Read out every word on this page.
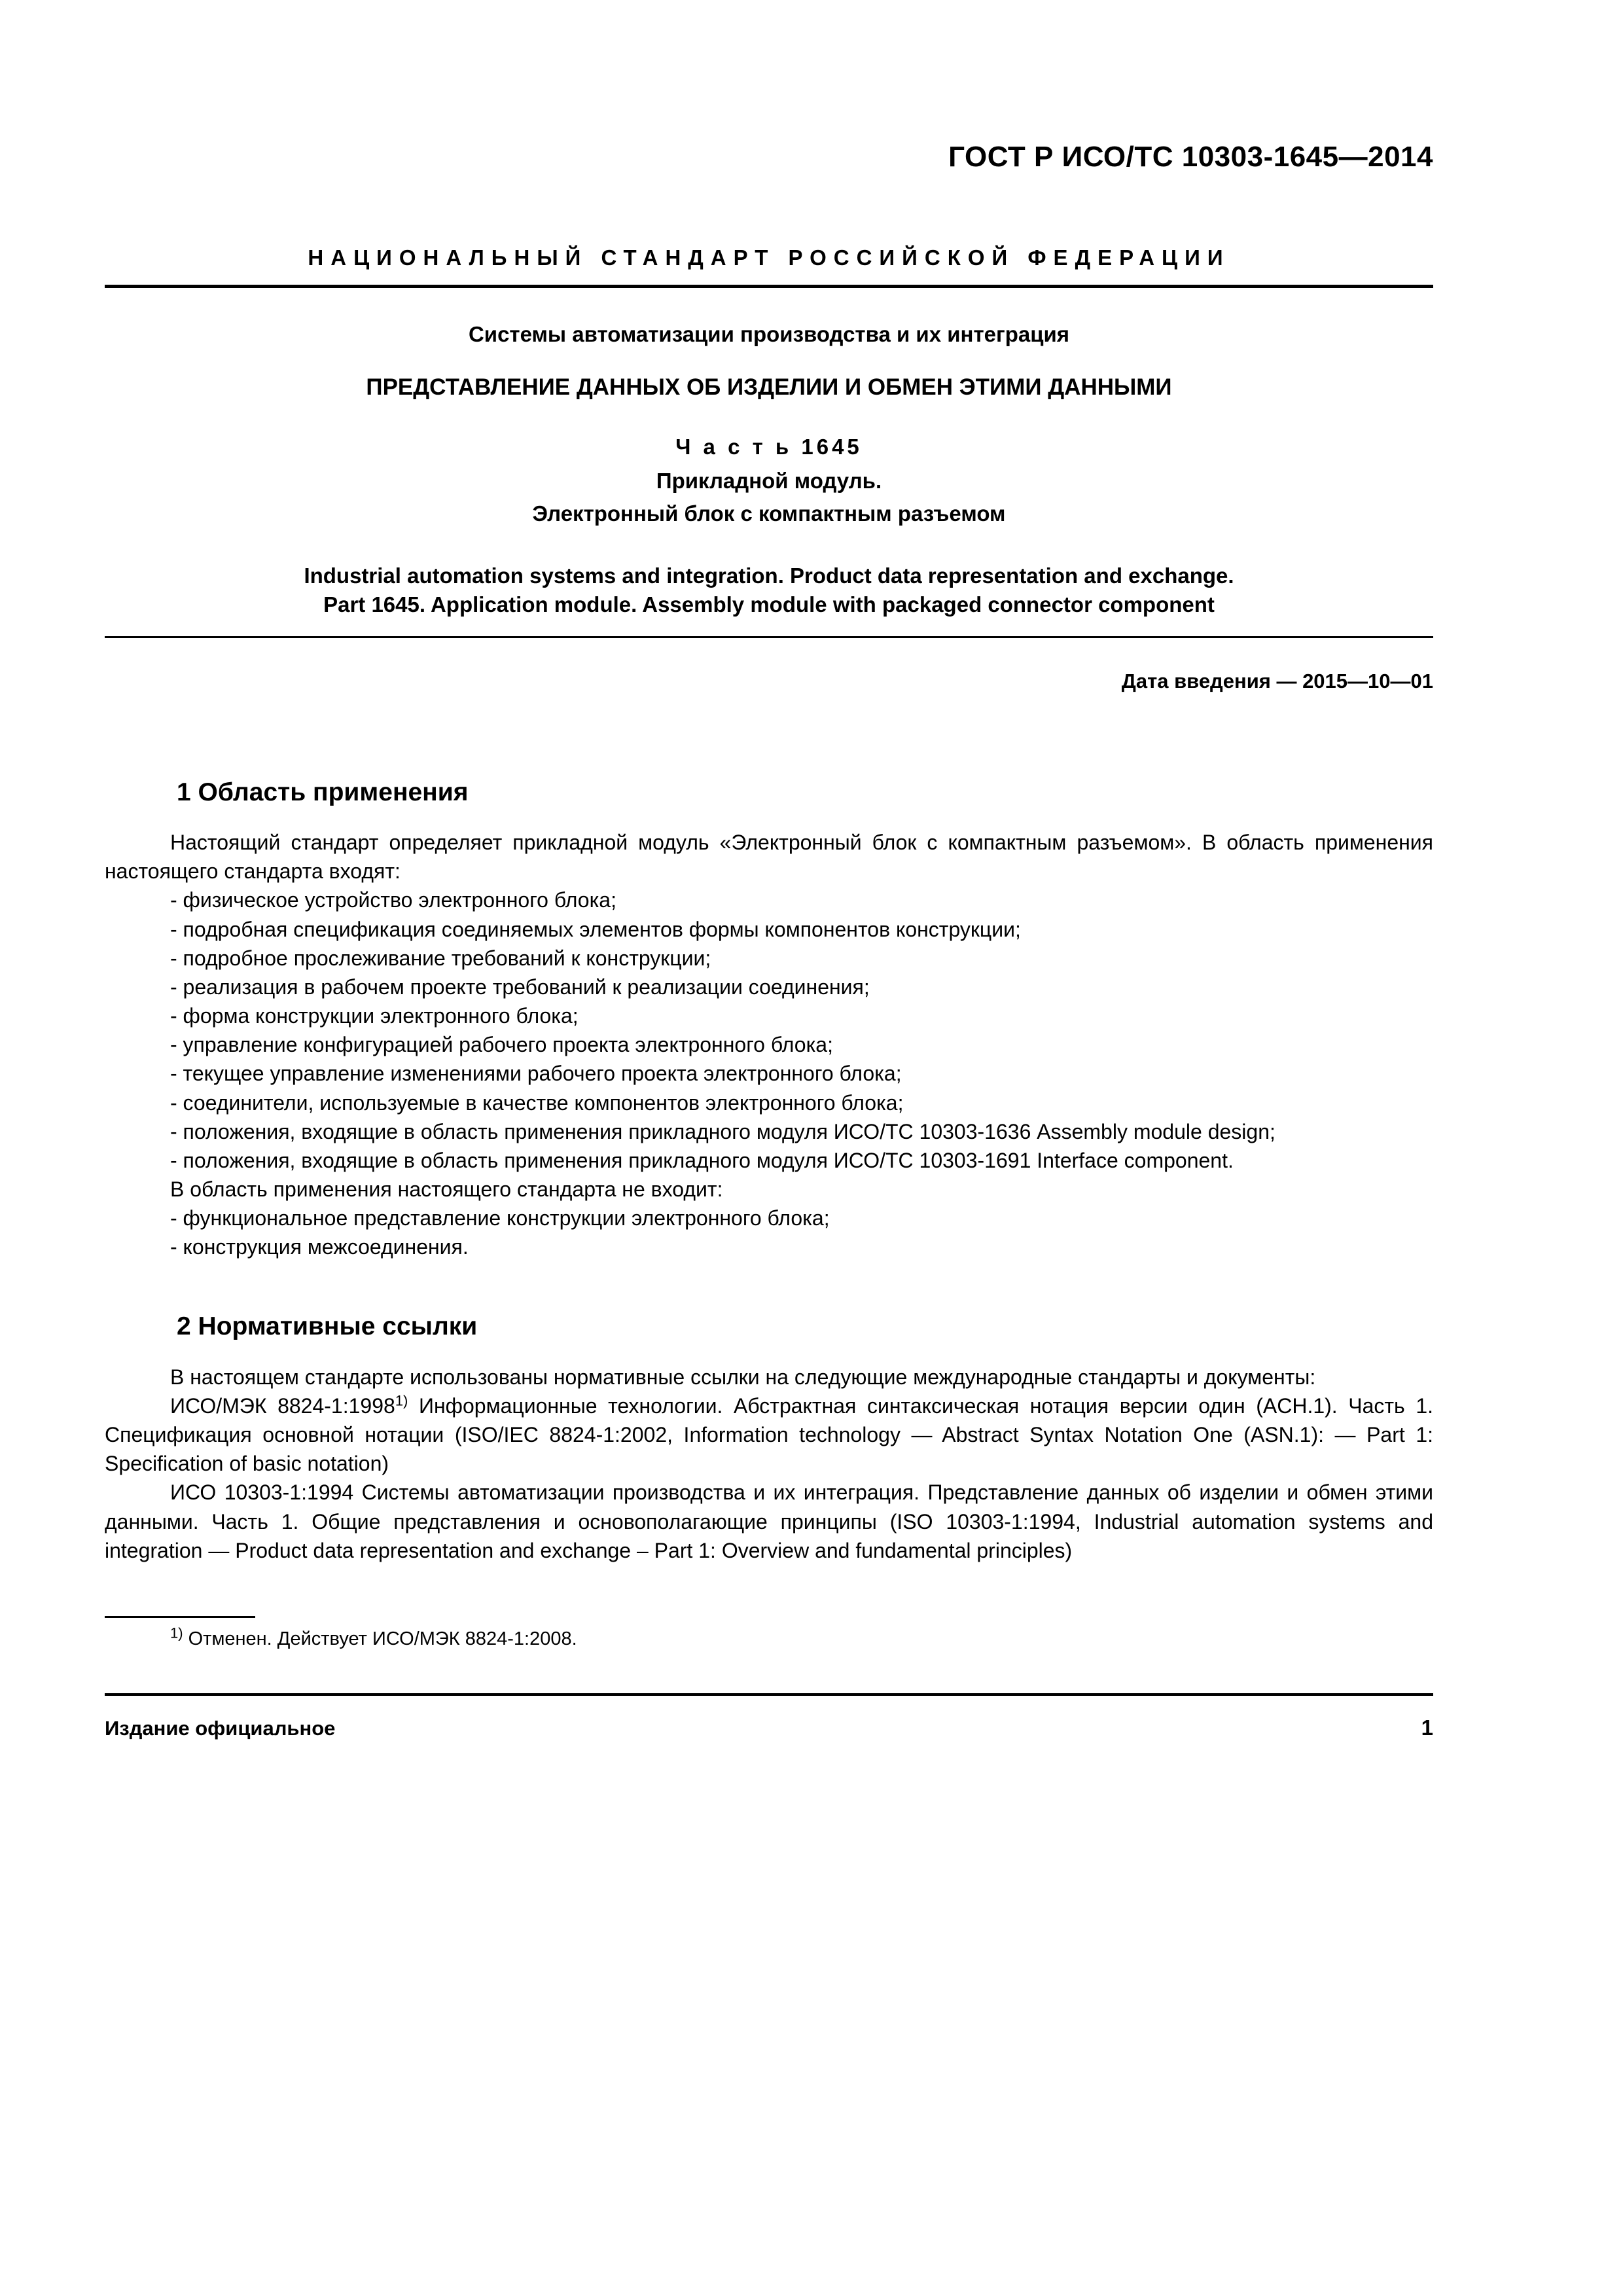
ГОСТ Р ИСО/ТС 10303-1645—2014
НАЦИОНАЛЬНЫЙ СТАНДАРТ РОССИЙСКОЙ ФЕДЕРАЦИИ
Системы автоматизации производства и их интеграция
ПРЕДСТАВЛЕНИЕ ДАННЫХ ОБ ИЗДЕЛИИ И ОБМЕН ЭТИМИ ДАННЫМИ
Ч а с т ь 1645
Прикладной модуль.
Электронный блок с компактным разъемом
Industrial automation systems and integration. Product data representation and exchange.
Part 1645. Application module. Assembly module with packaged connector component
Дата введения — 2015—10—01
1 Область применения

Настоящий стандарт определяет прикладной модуль «Электронный блок с компактным разъемом». В область применения настоящего стандарта входят:

- физическое устройство электронного блока;

- подробная спецификация соединяемых элементов формы компонентов конструкции;

- подробное прослеживание требований к конструкции;

- реализация в рабочем проекте требований к реализации соединения;

- форма конструкции электронного блока;

- управление конфигурацией рабочего проекта электронного блока;

- текущее управление изменениями рабочего проекта электронного блока;

- соединители, используемые в качестве компонентов электронного блока;

- положения, входящие в область применения прикладного модуля ИСО/ТС 10303-1636 Assembly module design;

- положения, входящие в область применения прикладного модуля ИСО/ТС 10303-1691 Interface component.

В область применения настоящего стандарта не входит:

- функциональное представление конструкции электронного блока;

- конструкция межсоединения.

2 Нормативные ссылки

В настоящем стандарте использованы нормативные ссылки на следующие международные стандарты и документы:

ИСО/МЭК 8824-1:1998$^{1)}$ Информационные технологии. Абстрактная синтаксическая нотация версии один (ACH.1). Часть 1. Спецификация основной нотации (ISO/IEC 8824-1:2002, Information technology — Abstract Syntax Notation One (ASN.1): — Part 1: Specification of basic notation)

ИСО 10303-1:1994 Системы автоматизации производства и их интеграция. Представление данных об изделии и обмен этими данными. Часть 1. Общие представления и основополагающие принципы (ISO 10303-1:1994, Industrial automation systems and integration — Product data representation and exchange – Part 1: Overview and fundamental principles)

$^{1)}$ Отменен. Действует ИСО/МЭК 8824-1:2008.

Издание официальное	1
